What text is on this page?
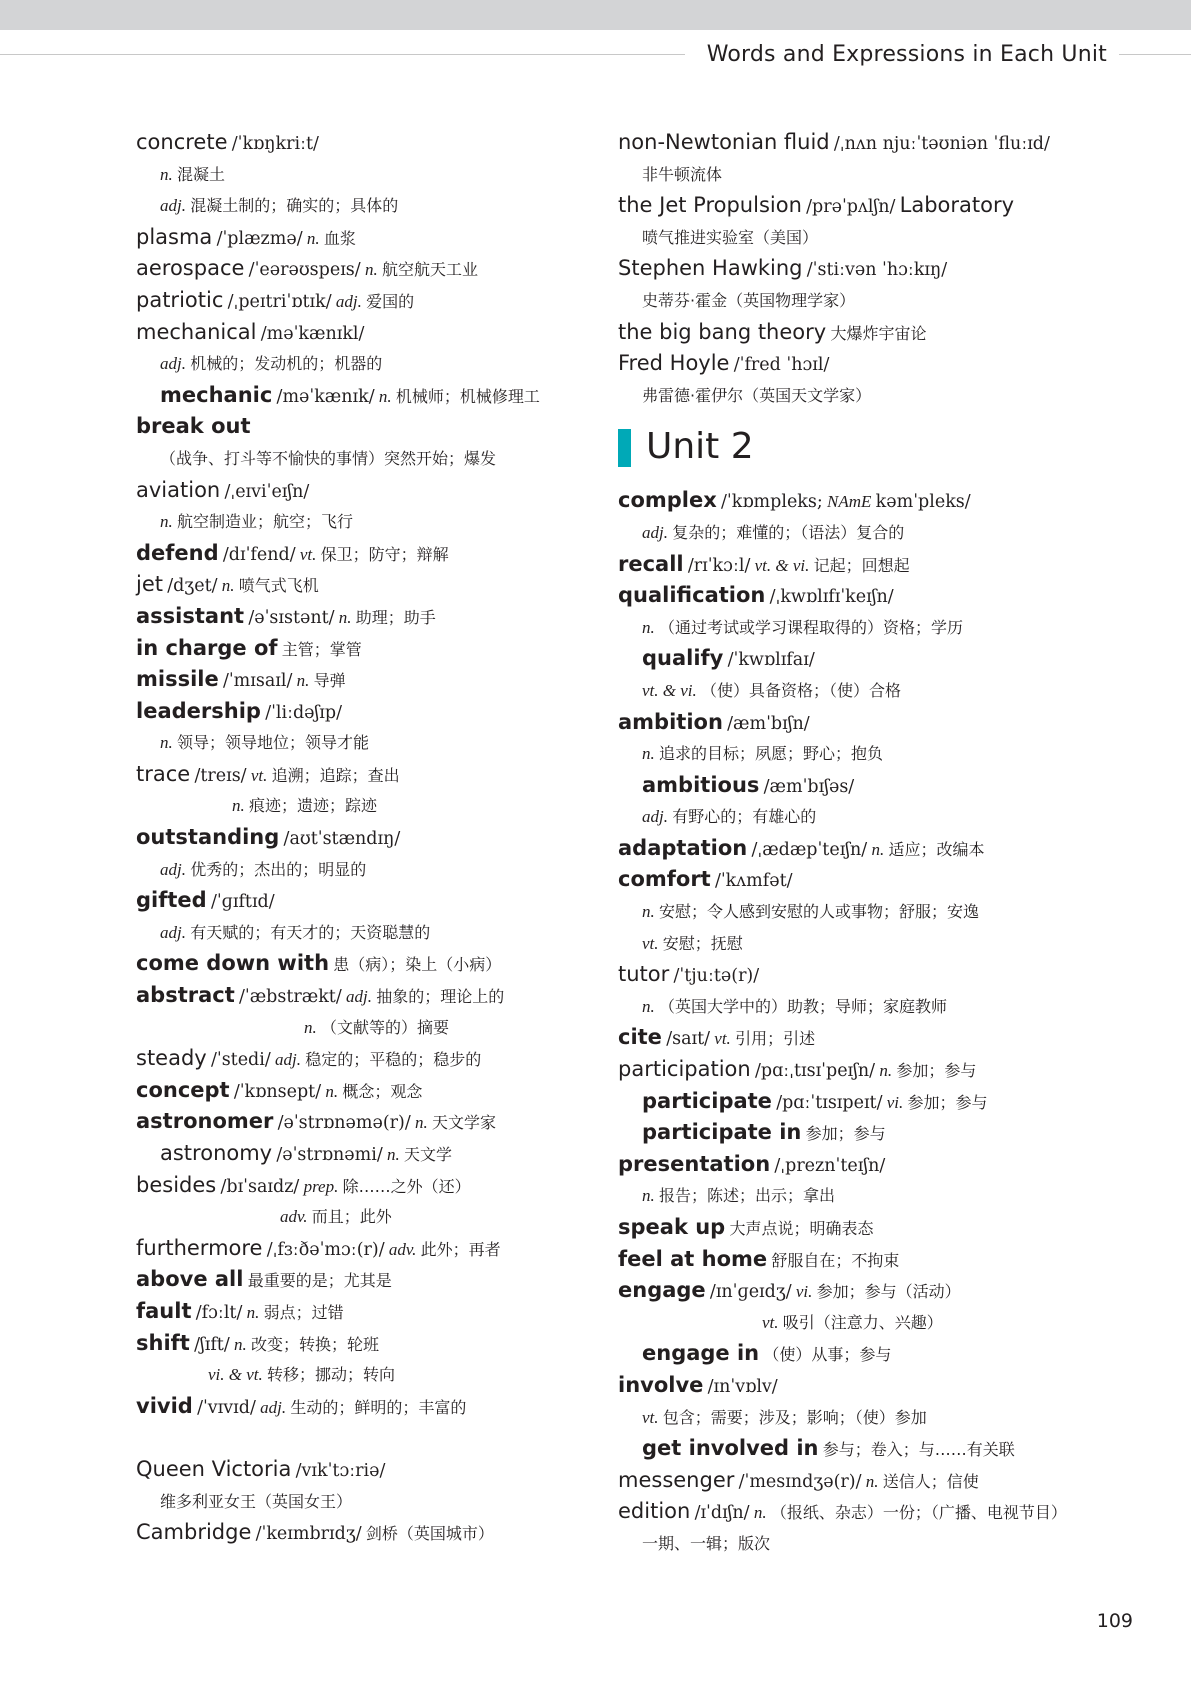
Words and Expressions in Each Unit
concrete /ˈkɒŋkriːt/
n. 混凝土
adj. 混凝土制的；确实的；具体的
plasma /ˈplæzmə/ n. 血浆
aerospace /ˈeərəʊspeɪs/ n. 航空航天工业
patriotic /ˌpeɪtriˈɒtɪk/ adj. 爱国的
mechanical /məˈkænɪkl/
adj. 机械的；发动机的；机器的
mechanic /məˈkænɪk/ n. 机械师；机械修理工
break out
（战争、打斗等不愉快的事情）突然开始；爆发
aviation /ˌeɪviˈeɪʃn/
n. 航空制造业；航空；飞行
defend /dɪˈfend/ vt. 保卫；防守；辩解
jet /dʒet/ n. 喷气式飞机
assistant /əˈsɪstənt/ n. 助理；助手
in charge of 主管；掌管
missile /ˈmɪsaɪl/ n. 导弹
leadership /ˈliːdəʃɪp/
n. 领导；领导地位；领导才能
trace /treɪs/ vt. 追溯；追踪；查出
n. 痕迹；遗迹；踪迹
outstanding /aʊtˈstændɪŋ/
adj. 优秀的；杰出的；明显的
gifted /ˈɡɪftɪd/
adj. 有天赋的；有天才的；天资聪慧的
come down with 患（病）；染上（小病）
abstract /ˈæbstrækt/ adj. 抽象的；理论上的
n. （文献等的）摘要
steady /ˈstedi/ adj. 稳定的；平稳的；稳步的
concept /ˈkɒnsept/ n. 概念；观念
astronomer /əˈstrɒnəmə(r)/ n. 天文学家
astronomy /əˈstrɒnəmi/ n. 天文学
besides /bɪˈsaɪdz/ prep. 除……之外（还）
adv. 而且；此外
furthermore /ˌfɜːðəˈmɔː(r)/ adv. 此外；再者
above all 最重要的是；尤其是
fault /fɔːlt/ n. 弱点；过错
shift /ʃɪft/ n. 改变；转换；轮班
vi. & vt. 转移；挪动；转向
vivid /ˈvɪvɪd/ adj. 生动的；鲜明的；丰富的
Queen Victoria /vɪkˈtɔːriə/
维多利亚女王（英国女王）
Cambridge /ˈkeɪmbrɪdʒ/ 剑桥（英国城市）
non-Newtonian fluid /ˌnʌn njuːˈtəʊniən ˈfluːɪd/
非牛顿流体
the Jet Propulsion /prəˈpʌlʃn/ Laboratory
喷气推进实验室（美国）
Stephen Hawking /ˈstiːvən ˈhɔːkɪŋ/
史蒂芬·霍金（英国物理学家）
the big bang theory 大爆炸宇宙论
Fred Hoyle /ˈfred ˈhɔɪl/
弗雷德·霍伊尔（英国天文学家）
Unit 2
complex /ˈkɒmpleks; NAmE kəmˈpleks/
adj. 复杂的；难懂的；（语法）复合的
recall /rɪˈkɔːl/ vt. & vi. 记起；回想起
qualification /ˌkwɒlɪfɪˈkeɪʃn/
n. （通过考试或学习课程取得的）资格；学历
qualify /ˈkwɒlɪfaɪ/
vt. & vi. （使）具备资格；（使）合格
ambition /æmˈbɪʃn/
n. 追求的目标；夙愿；野心；抱负
ambitious /æmˈbɪʃəs/
adj. 有野心的；有雄心的
adaptation /ˌædæpˈteɪʃn/ n. 适应；改编本
comfort /ˈkʌmfət/
n. 安慰；令人感到安慰的人或事物；舒服；安逸
vt. 安慰；抚慰
tutor /ˈtjuːtə(r)/
n. （英国大学中的）助教；导师；家庭教师
cite /saɪt/ vt. 引用；引述
participation /pɑːˌtɪsɪˈpeɪʃn/ n. 参加；参与
participate /pɑːˈtɪsɪpeɪt/ vi. 参加；参与
participate in 参加；参与
presentation /ˌpreznˈteɪʃn/
n. 报告；陈述；出示；拿出
speak up 大声点说；明确表态
feel at home 舒服自在；不拘束
engage /ɪnˈɡeɪdʒ/ vi. 参加；参与（活动）
vt. 吸引（注意力、兴趣）
engage in （使）从事；参与
involve /ɪnˈvɒlv/
vt. 包含；需要；涉及；影响；（使）参加
get involved in 参与；卷入；与……有关联
messenger /ˈmesɪndʒə(r)/ n. 送信人；信使
edition /ɪˈdɪʃn/ n. （报纸、杂志）一份；（广播、电视节目）
一期、一辑；版次
109
